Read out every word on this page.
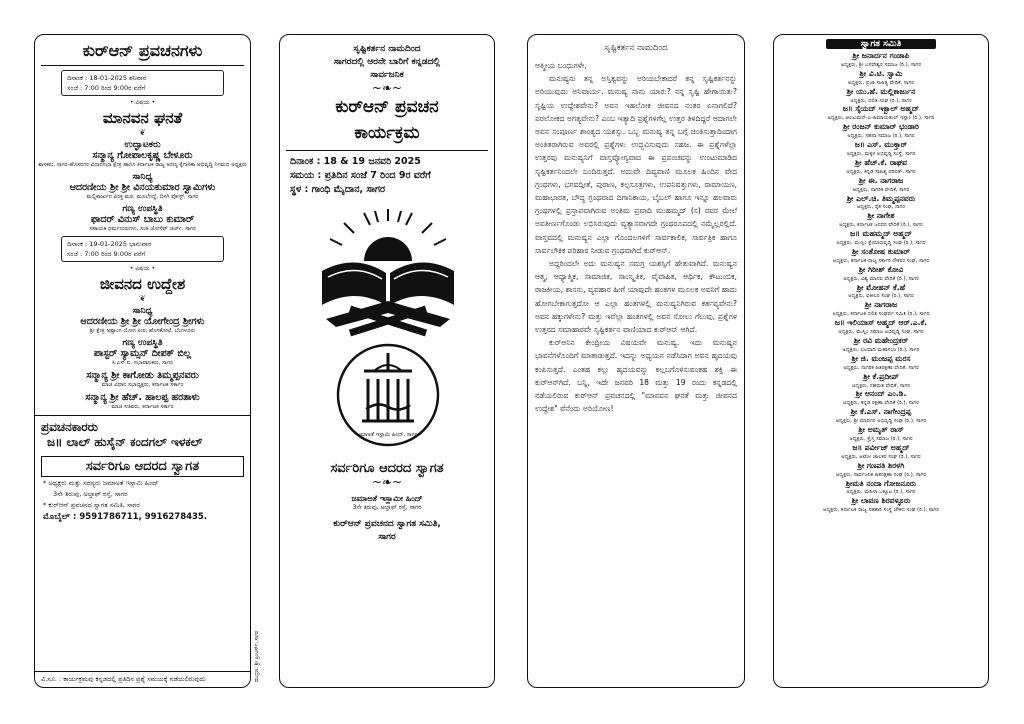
ಕುರ್‌ಆನ್ ಪ್ರವಚನಗಳು
ದಿನಾಂಕ : 18-01-2025 ಶನಿವಾರ
ಸಂಜೆ : 7:00 ರಿಂದ 9:00ರ ವರೆಗೆ
• ವಿಷಯ •
ಮಾನವನ ಘನತೆ
❦
ಉದ್ಘಾಟಕರು
ಸನ್ಮಾನ್ಯ ಗೋಪಾಲಕೃಷ್ಣ ಬೇಳೂರು
ಶಾಸಕರು, ಸಾಗರ-ಹೊಸನಗರ ವಿಧಾನಸಭಾ ಕ್ಷೇತ್ರ ಹಾಗೂ ಕರ್ನಾಟಕ ರಾಜ್ಯ ಅರಣ್ಯ ಕೈಗಾರಿಕಾ ಅಭಿವೃದ್ಧಿ ನಿಗಮದ ಅಧ್ಯಕ್ಷರು
ಸಾನಿಧ್ಯ
ಆದರಣೀಯ ಶ್ರೀ ಶ್ರೀ ವಿನಯಕುಮಾರ ಸ್ವಾಮಿಗಳು
ಮಲ್ಲಿಕಾರ್ಜುನ ವಿರಕ್ತ ಮಠ, ಮೂಲೆಗದ್ದೆ, ಬಿಳಗಿ ಪೋಸ್ಟ್, ಸಾಗರ
ಗಣ್ಯ ಉಪಸ್ಥಿತಿ
ಫಾದರ್ ವಿನುಸ್ ಬಾಬು ಕುಮಾರ್
ಸಹಾಯಕ ಧರ್ಮಗುರುಗಳು, ಸಂತ ಜೋಸೆಫ್ ಚರ್ಚ್, ಸಾಗರ
ದಿನಾಂಕ : 19-01-2025 ಭಾನುವಾರ
ಸಂಜೆ : 7:00 ರಿಂದ 9:00ರ ವರೆಗೆ
• ವಿಷಯ •
ಜೀವನದ ಉದ್ದೇಶ
❦
ಸಾನಿಧ್ಯ
ಆದರಣೀಯ ಶ್ರೀ ಶ್ರೀ ಯೋಗೇಂದ್ರ ಶ್ರೀಗಳು
ಶ್ರೀ ಕ್ಷೇತ್ರ ಅಷ್ಟಾಂಗ ಯೋಗ ಪೀಠ, ಹೊಸಕೋಟೆ, ಬೆಂಗಳೂರು
ಗಣ್ಯ ಉಪಸ್ಥಿತಿ
ಪಾಸ್ಟರ್ ಸ್ಯಾಮ್ಸನ್ ದೀಪಕ್ ಬಿಲ್ಲ
ಸಿ.ಎಸ್.ಐ. ಸಭಾಪಾಲಕರು, ಸಾಗರ
ಸನ್ಮಾನ್ಯ ಶ್ರೀ ಕಾಗೋಡು ತಿಮ್ಮಪ್ಪನವರು
ಮಾಜಿ ವಿಧಾನ ಸಭಾಧ್ಯಕ್ಷರು, ಕರ್ನಾಟಕ ಸರ್ಕಾರ
ಸನ್ಮಾನ್ಯ ಶ್ರೀ ಹೆಚ್. ಹಾಲಪ್ಪ ಹರತಾಳು
ಮಾಜಿ ಸಚಿವರು, ಕರ್ನಾಟಕ ಸರ್ಕಾರ
ಪ್ರವಚನಕಾರರು
ಜ॥ ಲಾಲ್ ಹುಸೈನ್ ಕಂದಗಲ್ ಇಳಕಲ್
ಸರ್ವರಿಗೂ ಆದರದ ಸ್ವಾಗತ
* ಅಧ್ಯಕ್ಷರು ಮತ್ತು ಸದಸ್ಯರು ಜಮಾಅತೆ ಇಸ್ಲಾಮಿ ಹಿಂದ್
3ನೇ ತಿರುವು, ಅಲ್ತಾಫ್ ರಸ್ತೆ, ಸಾಗರ
* ಕುರ್‌ಆನ್ ಪ್ರವಚನದ ಸ್ವಾಗತ ಸಮಿತಿ, ಸಾಗರ
ಮೊಬೈಲ್ : 9591786711, 9916278435.
ವಿ.ಸೂ. : ಕಾರ್ಯಕ್ರಮವು ಕನ್ನಡದಲ್ಲಿ ಪ್ರತಿದಿನ ಪ್ರಶ್ನೆ ಸಮಯಕ್ಕೆ ನಡೆಯಲಿರುವುದು
ಸೃಷ್ಟಿಕರ್ತನ ನಾಮದಿಂದ
ಸಾಗರದಲ್ಲಿ ಆರನೇ ಬಾರಿಗೆ ಕನ್ನಡದಲ್ಲಿ
ಸಾರ್ವಜನಿಕ
~❧~
ಕುರ್‌ಆನ್ ಪ್ರವಚನ
ಕಾರ್ಯಕ್ರಮ
ದಿನಾಂಕ : 18 & 19 ಜನವರಿ 2025
ಸಮಯ : ಪ್ರತಿದಿನ ಸಂಜೆ 7 ರಿಂದ 9ರ ವರೆಗೆ
ಸ್ಥಳ : ಗಾಂಧಿ ಮೈದಾನ, ಸಾಗರ
ಜಮಾಅತೆ ಇಸ್ಲಾಮಿ ಹಿಂದ್, ಸಾಗರ
ಸರ್ವರಿಗೂ ಆದರದ ಸ್ವಾಗತ
~❧~
ಜಮಾಅತೆ ಇಸ್ಲಾಮೀ ಹಿಂದ್
3ನೇ ತಿರುವು, ಅಲ್ತಾಫ್ ರಸ್ತೆ, ಸಾಗರ
ಕುರ್‌ಆನ್ ಪ್ರವಚನದ ಸ್ವಾಗತ ಸಮಿತಿ,
ಸಾಗರ
ಮುದ್ರಣ: ಶ್ರೀ ಪ್ರಿಂಟರ್ಸ್, ಸಾಗರ
ಸೃಷ್ಟಿಕರ್ತನ ನಾಮದಿಂದ

ಆತ್ಮೀಯ ಬಂಧುಗಳೇ,

ಮನುಷ್ಯನು ತನ್ನ ಅಸ್ತಿತ್ವವನ್ನು ಅರಿಯಬೇಕಾದರೆ ತನ್ನ ಸೃಷ್ಟಿಕರ್ತನನ್ನು ಅರಿಯುವುದು ಅನಿವಾರ್ಯ. ಮನುಷ್ಯ ನಾನು ಯಾರು? ನನ್ನ ಸೃಷ್ಟಿ ಹೇಗಾಯಿತು? ಸೃಷ್ಟಿಯ ಉದ್ದೇಶವೇನು? ಅವನ ಇಹಲೋಕ ಜೀವನದ ನಂತರ ಏನಾಗಲಿದೆ? ಪರಲೋಕದ ಅಗತ್ಯವೇನು? ಎಂಬ ಇತ್ಯಾದಿ ಪ್ರಶ್ನೆಗಳಿಗೆಲ್ಲ ಉತ್ತರ ತಿಳಿದಿದ್ದರೆ ಆದಾಗಲೇ ಅವನ ಸಂಪೂರ್ಣ ಶಾಂತ್ಯದ ಯಶಸ್ಸು. ಒಬ್ಬ ಮನುಷ್ಯ ತನ್ನ ಬಗ್ಗೆ ಚಿಂತಿಸುತ್ತಾದಿಂದಾಗ ಅಂತಿತರಾಗಿರುವ ಅವರಲ್ಲಿ ಪ್ರಶ್ನೆಗಳು ಉದ್ಭವಿಸುವುದು ಸಹಜ. ಈ ಪ್ರಶ್ನೆಗಳೆಲ್ಲಾ ಉತ್ತರವು ಮನುಷ್ಯನಿಗೆ ವಾಸ್ತವ್ಯೋಗ್ಯವಾದ ಈ ಪ್ರಪಂಚವನ್ನು ಉಂಟುಮಾಡಿದ ಸೃಷ್ಟಿಕರ್ತನಿಂದಲೇ ಬಂದಿರುತ್ತದೆ. ಅದುವೇ ದಿವ್ಯವಾಣಿ ಮೂಲಕ ಹಿಂದಿನ ವೇದ ಗ್ರಂಥಗಳು, ಭಗವದ್ಗೀತೆ, ಪುರಾಣ, ಕಲ್ಪಸೂತ್ರಗಳು, ಉಪನಿಷತ್ತುಗಳು, ರಾಮಾಯಣ, ಮಹಾಭಾರತ, ಬೌದ್ಧ ಗ್ರಂಥವಾದ ದಿಗಾನಿಕಾಯ, ಬೈಬಲ್ ಹಾಗೂ ಇನ್ನೂ ಹಲವಾರು ಗ್ರಂಥಗಳಲ್ಲಿ ಪ್ರಸ್ತಾಪವಾಗಿರುವ ಅಂತಿಮ ಪ್ರವಾದಿ ಮುಹಮ್ಮದ್ (ಸ) ರವರ ಮೇಲೆ ಅವತೀರ್ಣಗೊಂಡು ಲಭಿಸಿರುವುದು ವ್ಯತ್ಯಾಸವಾಗದೇ ಗ್ರಂಥರೂಪದಲ್ಲಿ ನಮ್ಮೆಲ್ಲರಲ್ಲಿದೆ. ವಾಸ್ತವದಲ್ಲಿ ಮನುಷ್ಯನ ಎಲ್ಲಾ ಗೊಂದಲಗಳಿಗೆ ಸಾರ್ವಕಾಲಿಕ, ಸಾರ್ವತ್ರಿಕ ಹಾಗೂ ಸಾರ್ವಲೌಕಿಕ ಪರಿಹಾರ ನೀಡುವ ಗ್ರಂಥವಾಗಿದೆ ಕುರ್‌ಆನ್.

ಅದ್ದರಿಂದಲೇ ಅದು ಮನುಷ್ಯನ ಸಮಗ್ರ ಯಶಸ್ಸಿಗೆ ಹೇತುವಾಗಿದೆ. ಮನುಷ್ಯನ ಆತ್ಮ, ಆಧ್ಯಾತ್ಮಿಕ, ಸಾಮಾಜಿಕ, ಸಾಂಸ್ಕೃತಿಕ, ವೈವಾಹಿಕ, ಆರ್ಥಿಕ, ಕೌಟುಂಬಿಕ, ರಾಜಕೀಯ, ಶಾಸನು, ವ್ಯವಹಾರ ಹೀಗೆ ಯಾವುದೇ ಹಂತಗಳ ಮೂಲಕ ಅವನಿಗೆ ಹಾದು ಹೋಗಬೇಕಾಗುತ್ತದೋ ಆ ಎಲ್ಲಾ ಹಂತಗಳಲ್ಲಿ ಮನುಷ್ಯನಿಗಿರುವ ಕರ್ತವ್ಯವೇನು? ಅವನ ಹಕ್ಕುಗಳೇನು? ಮತ್ತು ಇವೆಲ್ಲಾ ಹಂತಗಳಲ್ಲಿ ಅವನ ಸೋಲು ಗೆಲುವು, ಪ್ರಶ್ನೆಗಳ ಉತ್ತರದ ಸಮಾಹಾರವೇ ಸೃಷ್ಟಿಕರ್ತನ ವಾಣಿಯಾದ ಕುರ್‌ಆನ್ ಆಗಿದೆ.

ಕುರ್‌ಆನಿನ ಕೇಂದ್ರೀಯ ವಿಷಯವೇ ಮನುಷ್ಯ. ಇದು ಮನುಷ್ಯನ ಭಾವನೆಗಳೊಂದಿಗೆ ಮಾತಾಡುತ್ತದೆ. ಇದನ್ನು ಅಧ್ಯಯನ ನಡೆಸಿದಾಗ ಅವನ ಹೃದಯವು ಕಂಪಿಸುತ್ತದೆ. ಎಂತಹ ಕಲ್ಲು ಹೃದಯವನ್ನು ಕಲ್ಲಬಗೊಳಿಸುವಂತಹ ಶಕ್ತಿ ಈ ಕುರ್‌ಆನ್‌ಗಿದೆ. ಬನ್ನಿ, ಇದೇ ಜನವರಿ 18 ಮತ್ತು 19 ರಂದು ಕನ್ನಡದಲ್ಲಿ ನಡೆಯಲಿರುವ ಕುರ್‌ಆನ್ ಪ್ರವಚನದಲ್ಲಿ "ಮಾನವನ ಘನತೆ ಮತ್ತು ಜೀವನದ ಉದ್ದೇಶ" ವೆನೆಂದು ಅರಿಯೋಣ!

ಸ್ವಾಗತ ಸಮಿತಿ
ಶ್ರೀ ಜನಾರ್ದನ ಗಂಡಾಪಿ
ಅಧ್ಯಕ್ಷರು, ಶ್ರೀ ಬಸವೇಶ್ವರ ಸಮಾಜ (ರಿ.), ಸಾಗರ
ಶ್ರೀ ವಿ.ಟಿ. ಸ್ವಾಮಿ
ಅಧ್ಯಕ್ಷರು, ಪ್ರಜಾ ಸಾಹಿತ್ಯ ವೇದಿಕೆ, ಸಾಗರ
ಶ್ರೀ ಯು.ಹೆ. ಮಲ್ಲಿಕಾರ್ಜುನ
ಅಧ್ಯಕ್ಷರು, ದಲಿತ ಸಂಘ (ರಿ.), ಸಾಗರ
ಜ॥ ಸೈಯದ್ ಇಕ್ಬಾಲ್ ಅಹ್ಮದ್
ಅಧ್ಯಕ್ಷರು, ಆಂಜುಮನ್-ಎ-ಹಿಮಾಯತುಲ್ ಇಸ್ಲಾಂ (ರಿ.), ಸಾಗರ
ಶ್ರೀ ರಂಜನ್ ಕುಮಾರ್ ಭಂಡಾರಿ
ಅಧ್ಯಕ್ಷರು, ಸಹನಾ ಸಮಾಜ (ರಿ.), ಸಾಗರ
ಜ॥ ಎಸ್. ಮುಕ್ತಾರ್
ಅಧ್ಯಕ್ಷರು, ಮಕ್ಕಳ ಅಭಿವೃದ್ಧಿ ಸಂಸ್ಥೆ, ಸಾಗರ
ಶ್ರೀ ಹೆಚ್.ಕೆ. ರಾಘವ
ಅಧ್ಯಕ್ಷರು, ಕನ್ನಡ ಸಾಹಿತ್ಯ ಪರಿಷತ್, ಸಾಗರ
ಶ್ರೀ ಈ. ನಾಗರಾಜ
ಅಧ್ಯಕ್ಷರು, ನಾಗರಿಕ ವೇದಿಕೆ, ಸಾಗರ
ಶ್ರೀ ಎಲ್.ಚಿ. ತಿಮ್ಮಪ್ಪನವರು
ಅಧ್ಯಕ್ಷರು, ರೈತ ಸಂಘ, ಸಾಗರ
ಶ್ರೀ ನಾಗೇಶ
ಅಧ್ಯಕ್ಷರು, ಕರ್ನಾಟಕ ಜನಪರ ವೇದಿಕೆ (ರಿ.), ಸಾಗರ
ಜ॥ ಮಹಮ್ಮದ್ ಅಹ್ಮದ್
ಅಧ್ಯಕ್ಷರು, ಮುಸ್ಲಿಂ ಕ್ಷೇಮಾಭಿವೃದ್ಧಿ ಸಂಘ (ರಿ.), ಸಾಗರ
ಶ್ರೀ ಸಂತೋಷ ಕುಮಾರ್
ಅಧ್ಯಕ್ಷರು, ಕರ್ನಾಟಕ ರಾಜ್ಯ ಸರ್ಕಾರಿ ನೌಕರರ ಸಂಘ, ಸಾಗರ
ಶ್ರೀ ಗಿರೀಶ್ ಕೋವಿ
ಅಧ್ಯಕ್ಷರು, ವಿಶ್ವ ಮಾನವ ವೇದಿಕೆ (ರಿ.), ಸಾಗರ
ಶ್ರೀ ಮೋಹನ್ ಕೆ.ಹೆ
ಅಧ್ಯಕ್ಷರು, ವಕೀಲರ ಸಂಘ (ರಿ.), ಸಾಗರ
ಶ್ರೀ ನಾಗರಾಜ
ಅಧ್ಯಕ್ಷರು, ಕರ್ನಾಟಕ ದಲಿತ ಸಂಘರ್ಷ ಸಮಿತಿ (ರಿ.), ಸಾಗರ
ಜ॥ ಇಲಿಯಾಸ್ ಅಹ್ಮದ್ ಆರ್.ಎ.ಕೆ.
ಅಧ್ಯಕ್ಷರು, ಮುಸ್ಲಿಂ ಸಮಾಜ ಅಭಿವೃದ್ಧಿ ಸಂಘ, ಸಾಗರ
ಶ್ರೀ ರವಿ ಮಹೇಂದ್ರಕರ್
ಅಧ್ಯಕ್ಷರು, ಛಲವಾದಿ ಮಹಾಸಭಾ (ರಿ.), ಸಾಗರ
ಶ್ರೀ ಜಿ. ಮಂಜಪ್ಪ ಮರಸ
ಅಧ್ಯಕ್ಷರು, ನಾಗರಿಕ ಹಿತರಕ್ಷಣಾ ವೇದಿಕೆ, ಸಾಗರ
ಶ್ರೀ ಕೆ.ಪ್ರದೀಪ್
ಅಧ್ಯಕ್ಷರು, ಸಹಮತ ವೇದಿಕೆ, ಸಾಗರ
ಶ್ರೀ ಆನಂದ್ ಎಂ.ಡಿ.
ಅಧ್ಯಕ್ಷರು, ಕನ್ನಡ ರಕ್ಷಣಾ ವೇದಿಕೆ (ರಿ.), ಸಾಗರ
ಶ್ರೀ ಕೆ.ಎಸ್. ನಾಗೇಂದ್ರಪ್ಪ
ಅಧ್ಯಕ್ಷರು, ಶ್ರೀ ಮಾದಿಗರ ಅಭಿವೃದ್ಧಿ ಸಂಘ (ರಿ.), ಸಾಗರ
ಶ್ರೀ ಅಮೃತ್ ರಾಸ್
ಅಧ್ಯಕ್ಷರು, ಕ್ರೈಸ್ತ ಸಮಾಜ (ರಿ.), ಸಾಗರ
ಜ॥ ಪರ್ವೀಜ್ ಅಹ್ಮದ್
ಅಧ್ಯಕ್ಷರು, ಆಟೋ ಚಾಲಕರ ಸಂಘ (ರಿ.), ಸಾಗರ
ಶ್ರೀ ಗಣಪತಿ ಶಿರಳಗಿ
ಅಧ್ಯಕ್ಷರು, ಸಾರ್ವಜನಿಕ ಹಿತರಕ್ಷಣಾ ಸಂಘ (ರಿ.), ಸಾಗರ
ಶ್ರೀಮತಿ ನಂದಾ ಗೋಜನೂರು
ಅಧ್ಯಕ್ಷರು, ಮಹಿಳಾ ಒಕ್ಕೂಟ (ರಿ.), ಸಾಗರ
ಶ್ರೀ ಲಾವಣ ಶಿರವಳ್ಳೂರು
ಅಧ್ಯಕ್ಷರು, ಕರ್ನಾಟಕ ರಾಜ್ಯ ಸಹಕಾರಿ ಸಂಸ್ಥೆ ಚೌಕದ ಸಂಘ (ರಿ.), ಸಾಗರ
